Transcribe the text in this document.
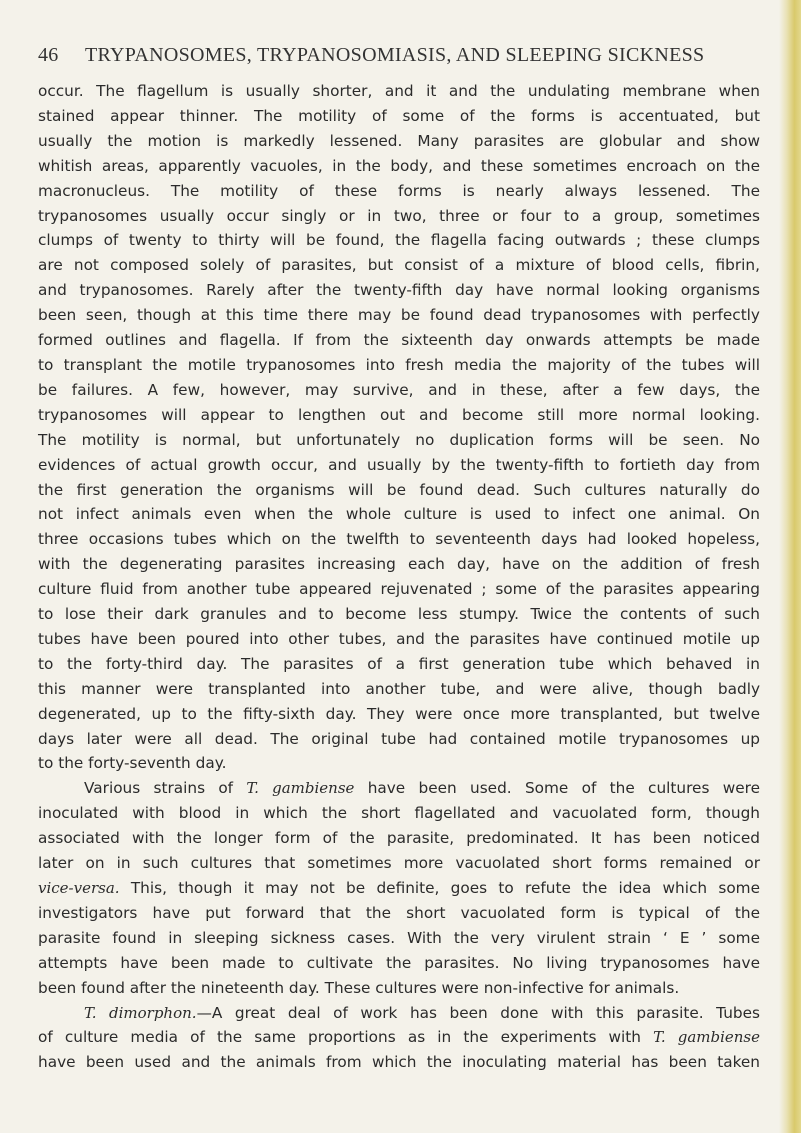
46	TRYPANOSOMES, TRYPANOSOMIASIS, AND SLEEPING SICKNESS

occur. The flagellum is usually shorter, and it and the undulating membrane when

stained appear thinner. The motility of some of the forms is accentuated, but

usually the motion is markedly lessened. Many parasites are globular and show

whitish areas, apparently vacuoles, in the body, and these sometimes encroach on the

macronucleus. The motility of these forms is nearly always lessened. The

trypanosomes usually occur singly or in two, three or four to a group, sometimes

clumps of twenty to thirty will be found, the flagella facing outwards ; these clumps

are not composed solely of parasites, but consist of a mixture of blood cells, fibrin,

and trypanosomes. Rarely after the twenty-fifth day have normal looking organisms

been seen, though at this time there may be found dead trypanosomes with perfectly

formed outlines and flagella. If from the sixteenth day onwards attempts be made

to transplant the motile trypanosomes into fresh media the majority of the tubes will

be failures. A few, however, may survive, and in these, after a few days, the

trypanosomes will appear to lengthen out and become still more normal looking.

The motility is normal, but unfortunately no duplication forms will be seen. No

evidences of actual growth occur, and usually by the twenty-fifth to fortieth day from

the first generation the organisms will be found dead. Such cultures naturally do

not infect animals even when the whole culture is used to infect one animal. On

three occasions tubes which on the twelfth to seventeenth days had looked hopeless,

with the degenerating parasites increasing each day, have on the addition of fresh

culture fluid from another tube appeared rejuvenated ; some of the parasites appearing

to lose their dark granules and to become less stumpy. Twice the contents of such

tubes have been poured into other tubes, and the parasites have continued motile up

to the forty-third day. The parasites of a first generation tube which behaved in

this manner were transplanted into another tube, and were alive, though badly

degenerated, up to the fifty-sixth day. They were once more transplanted, but twelve

days later were all dead. The original tube had contained motile trypanosomes up

to the forty-seventh day.

Various strains of T. gambiense have been used. Some of the cultures were

inoculated with blood in which the short flagellated and vacuolated form, though

associated with the longer form of the parasite, predominated. It has been noticed

later on in such cultures that sometimes more vacuolated short forms remained or

vice-versa. This, though it may not be definite, goes to refute the idea which some

investigators have put forward that the short vacuolated form is typical of the

parasite found in sleeping sickness cases. With the very virulent strain ‘ E ’ some

attempts have been made to cultivate the parasites. No living trypanosomes have

been found after the nineteenth day. These cultures were non-infective for animals.

T. dimorphon.—A great deal of work has been done with this parasite. Tubes

of culture media of the same proportions as in the experiments with T. gambiense

have been used and the animals from which the inoculating material has been taken
